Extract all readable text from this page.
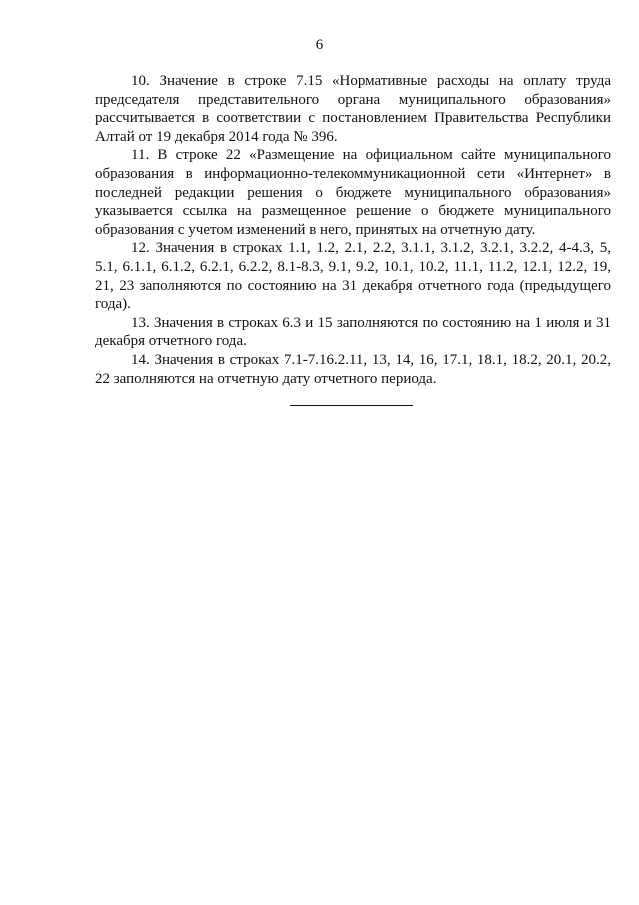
6

10. Значение в строке 7.15 «Нормативные расходы на оплату труда председателя представительного органа муниципального образования» рассчитывается в соответствии с постановлением Правительства Республики Алтай от 19 декабря 2014 года № 396.

11. В строке 22 «Размещение на официальном сайте муниципального образования в информационно-телекоммуникационной сети «Интернет» в последней редакции решения о бюджете муниципального образования» указывается ссылка на размещенное решение о бюджете муниципального образования с учетом изменений в него, принятых на отчетную дату.

12. Значения в строках 1.1, 1.2, 2.1, 2.2, 3.1.1, 3.1.2, 3.2.1, 3.2.2, 4-4.3, 5, 5.1, 6.1.1, 6.1.2, 6.2.1, 6.2.2, 8.1-8.3, 9.1, 9.2, 10.1, 10.2, 11.1, 11.2, 12.1, 12.2, 19, 21, 23 заполняются по состоянию на 31 декабря отчетного года (предыдущего года).

13. Значения в строках 6.3 и 15 заполняются по состоянию на 1 июля и 31 декабря отчетного года.

14. Значения в строках 7.1-7.16.2.11, 13, 14, 16, 17.1, 18.1, 18.2, 20.1, 20.2, 22 заполняются на отчетную дату отчетного периода.
